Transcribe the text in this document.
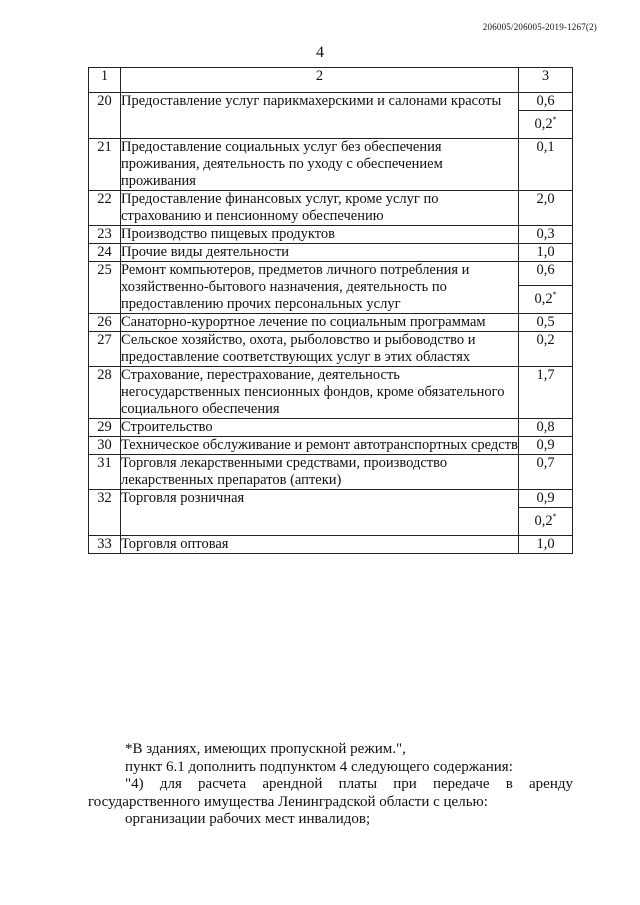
206005/206005-2019-1267(2)
4
1	2	3
20	Предоставление услуг парикмахерскими и салонами красоты	0,6
		0,2*
21	Предоставление социальных услуг без обеспечения проживания, деятельность по уходу с обеспечением проживания	0,1
22	Предоставление финансовых услуг, кроме услуг по страхованию и пенсионному обеспечению	2,0
23	Производство пищевых продуктов	0,3
24	Прочие виды деятельности	1,0
25	Ремонт компьютеров, предметов личного потребления и хозяйственно-бытового назначения, деятельность по предоставлению прочих персональных услуг	0,6
		0,2*
26	Санаторно-курортное лечение по социальным программам	0,5
27	Сельское хозяйство, охота, рыболовство и рыбоводство и предоставление соответствующих услуг в этих областях	0,2
28	Страхование, перестрахование, деятельность негосударственных пенсионных фондов, кроме обязательного социального обеспечения	1,7
29	Строительство	0,8
30	Техническое обслуживание и ремонт автотранспортных средств	0,9
31	Торговля лекарственными средствами, производство лекарственных препаратов (аптеки)	0,7
32	Торговля розничная	0,9
		0,2*
33	Торговля оптовая	1,0

*В зданиях, имеющих пропускной режим.",

пункт 6.1 дополнить подпунктом 4 следующего содержания:

"4) для расчета арендной платы при передаче в аренду

государственного имущества Ленинградской области с целью:

организации рабочих мест инвалидов;
